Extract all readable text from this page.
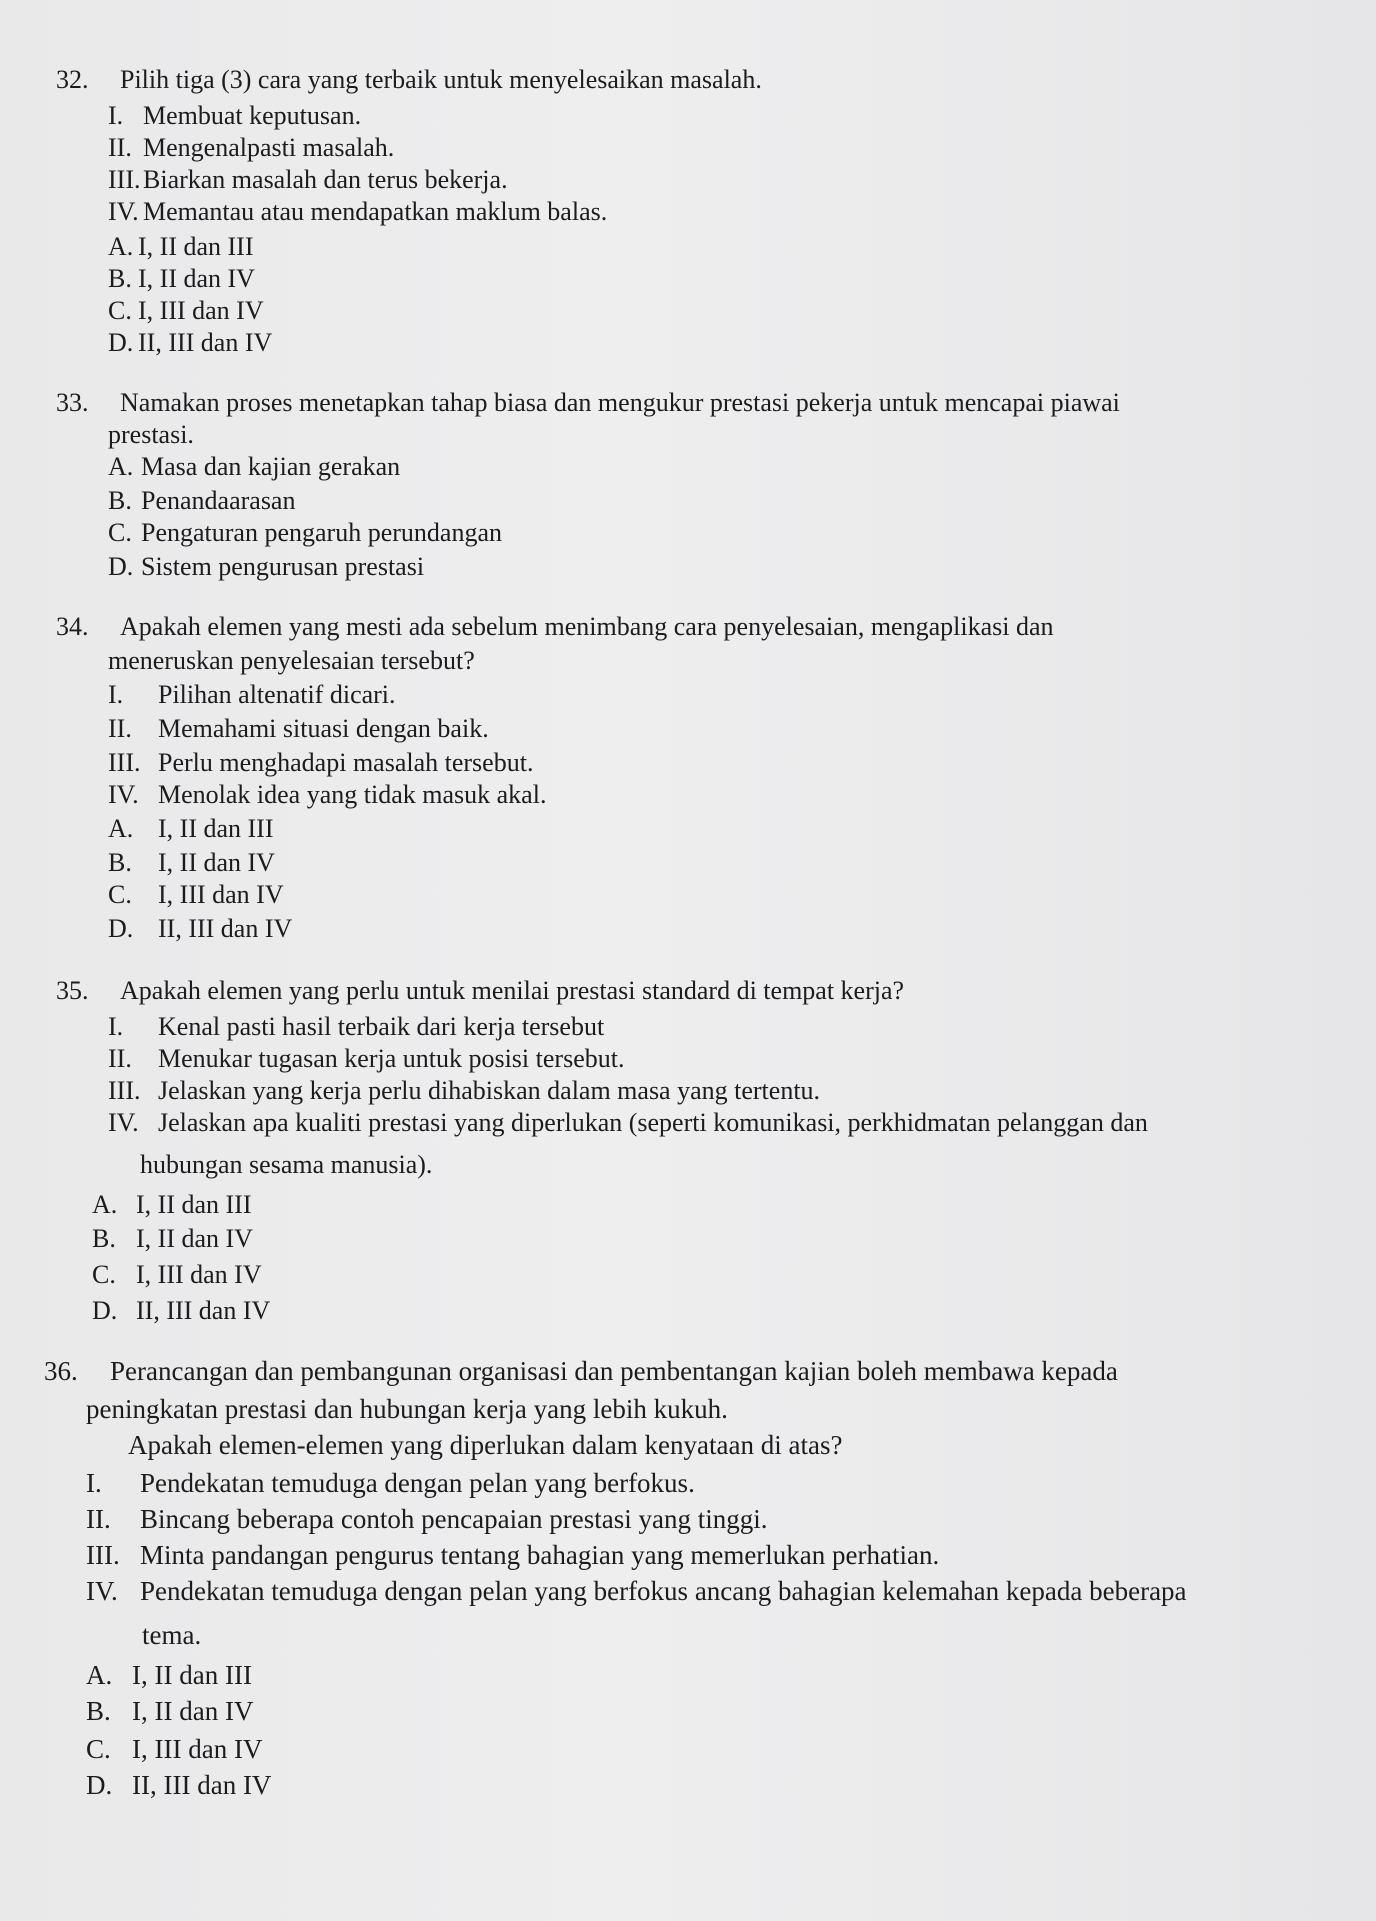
32. Pilih tiga (3) cara yang terbaik untuk menyelesaikan masalah.
I. Membuat keputusan.
II. Mengenalpasti masalah.
III.Biarkan masalah dan terus bekerja.
IV. Memantau atau mendapatkan maklum balas.
A. I, II dan III
B. I, II dan IV
C. I, III dan IV
D. II, III dan IV
33. Namakan proses menetapkan tahap biasa dan mengukur prestasi pekerja untuk mencapai piawai
prestasi.
A. Masa dan kajian gerakan
B. Penandaarasan
C. Pengaturan pengaruh perundangan
D. Sistem pengurusan prestasi
34. Apakah elemen yang mesti ada sebelum menimbang cara penyelesaian, mengaplikasi dan
meneruskan penyelesaian tersebut?
I. Pilihan altenatif dicari.
II. Memahami situasi dengan baik.
III. Perlu menghadapi masalah tersebut.
IV. Menolak idea yang tidak masuk akal.
A. I, II dan III
B. I, II dan IV
C. I, III dan IV
D. II, III dan IV
35. Apakah elemen yang perlu untuk menilai prestasi standard di tempat kerja?
I. Kenal pasti hasil terbaik dari kerja tersebut
II. Menukar tugasan kerja untuk posisi tersebut.
III. Jelaskan yang kerja perlu dihabiskan dalam masa yang tertentu.
IV. Jelaskan apa kualiti prestasi yang diperlukan (seperti komunikasi, perkhidmatan pelanggan dan
hubungan sesama manusia).
A. I, II dan III
B. I, II dan IV
C. I, III dan IV
D. II, III dan IV
36. Perancangan dan pembangunan organisasi dan pembentangan kajian boleh membawa kepada
peningkatan prestasi dan hubungan kerja yang lebih kukuh.
Apakah elemen-elemen yang diperlukan dalam kenyataan di atas?
I. Pendekatan temuduga dengan pelan yang berfokus.
II. Bincang beberapa contoh pencapaian prestasi yang tinggi.
III. Minta pandangan pengurus tentang bahagian yang memerlukan perhatian.
IV. Pendekatan temuduga dengan pelan yang berfokus ancang bahagian kelemahan kepada beberapa
tema.
A. I, II dan III
B. I, II dan IV
C. I, III dan IV
D. II, III dan IV
